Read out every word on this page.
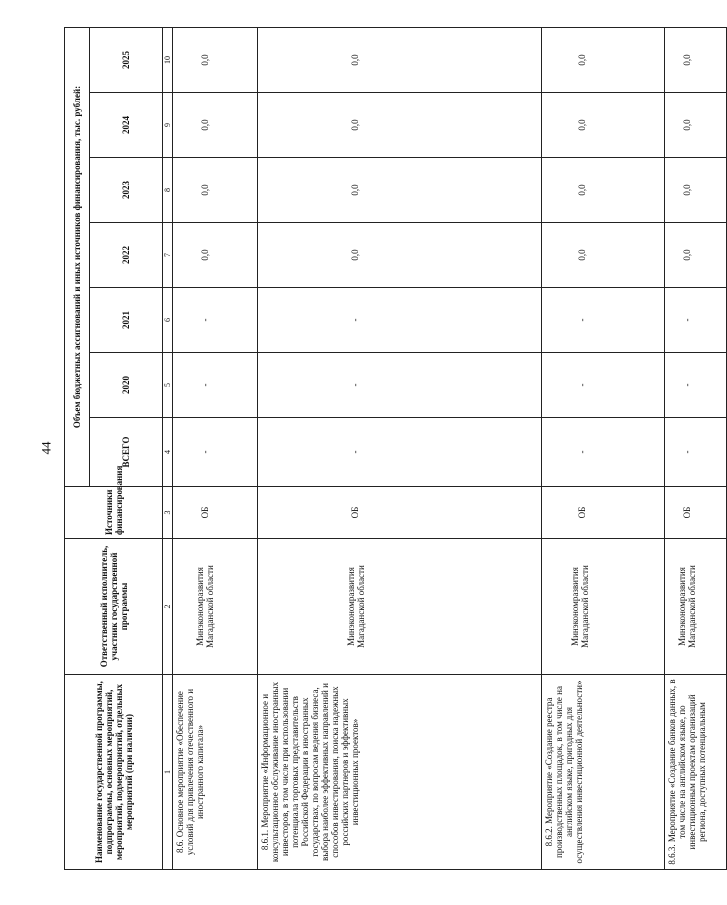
44
Наименование государственной программы, подпрограммы, основных мероприятий, мероприятий, подмероприятий, отдельных мероприятий (при наличии)	Ответственный исполнитель, участник государственной программы	Источники финансирования	Объем бюджетных ассигнований и иных источников финансирования, тыс. рублей:						
			ВСЕГО	2020	2021	2022	2023	2024	2025
1	2	3	4	5	6	7	8	9	10
8.6. Основное мероприятие «Обеспечение условий для привлечения отечественного и иностранного капитала»	Минэкономразвития Магаданской области	ОБ	-	-	-	0,0	0,0	0,0	0,0
8.6.1. Мероприятие «Информационное и консультационное обслуживание иностранных инвесторов, в том числе при использовании потенциала торговых представительств Российской Федерации в иностранных государствах, по вопросам ведения бизнеса, выбора наиболее эффективных направлений и способов инвестирования, поиска надежных российских партнеров и эффективных инвестиционных проектов»	Минэкономразвития Магаданской области	ОБ	-	-	-	0,0	0,0	0,0	0,0
8.6.2. Мероприятие «Создание реестра производственных площадок, в том числе на английском языке, пригодных для осуществления инвестиционной деятельности»	Минэкономразвития Магаданской области	ОБ	-	-	-	0,0	0,0	0,0	0,0
8.6.3. Мероприятие «Создание банков данных, в том числе на английском языке, по инвестиционным проектам организаций региона, доступных потенциальным	Минэкономразвития Магаданской области	ОБ	-	-	-	0,0	0,0	0,0	0,0
